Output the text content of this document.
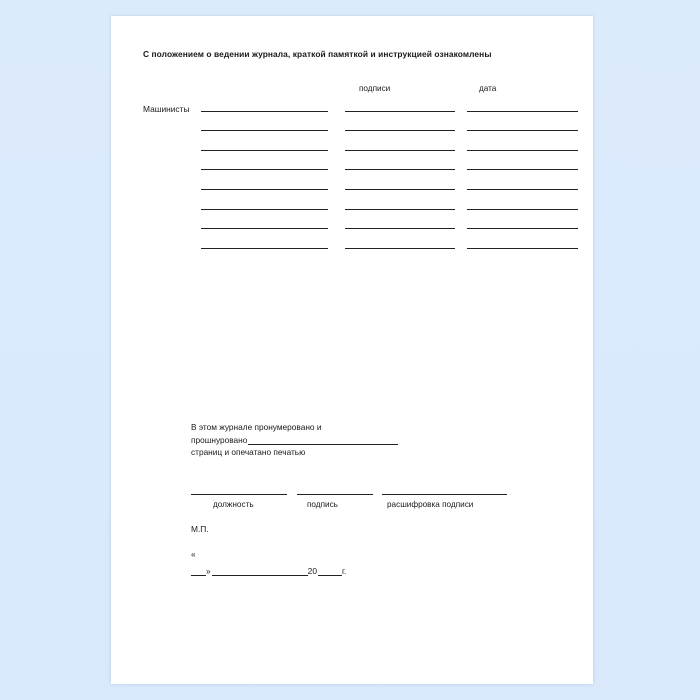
С положением о ведении журнала, краткой памяткой и инструкцией ознакомлены
подписи	дата
Машинисты
В этом журнале пронумеровано и
прошнуровано
страниц и опечатано печатью
должность	подпись	расшифровка подписи
М.П.
«
»	20	г.
